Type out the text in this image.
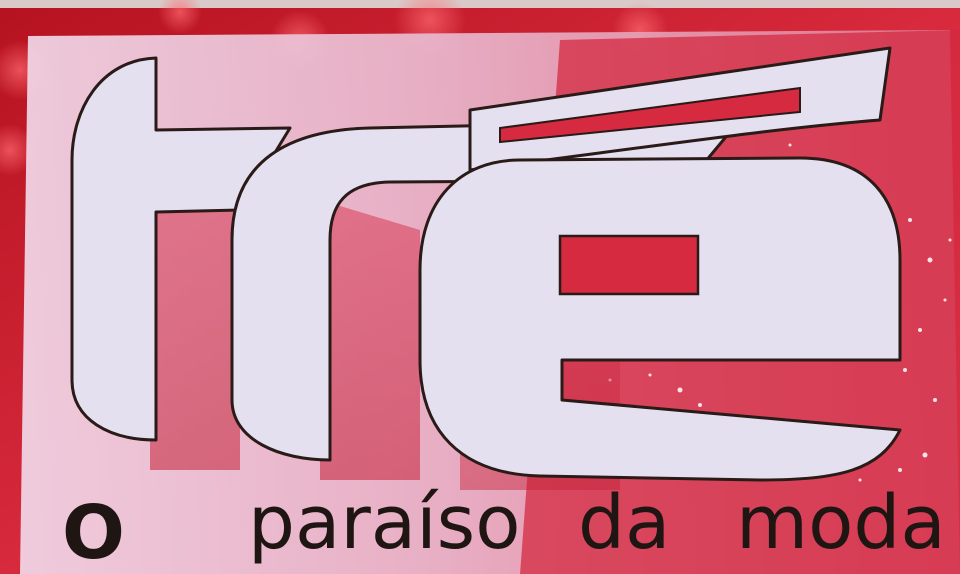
O paraíso da moda
